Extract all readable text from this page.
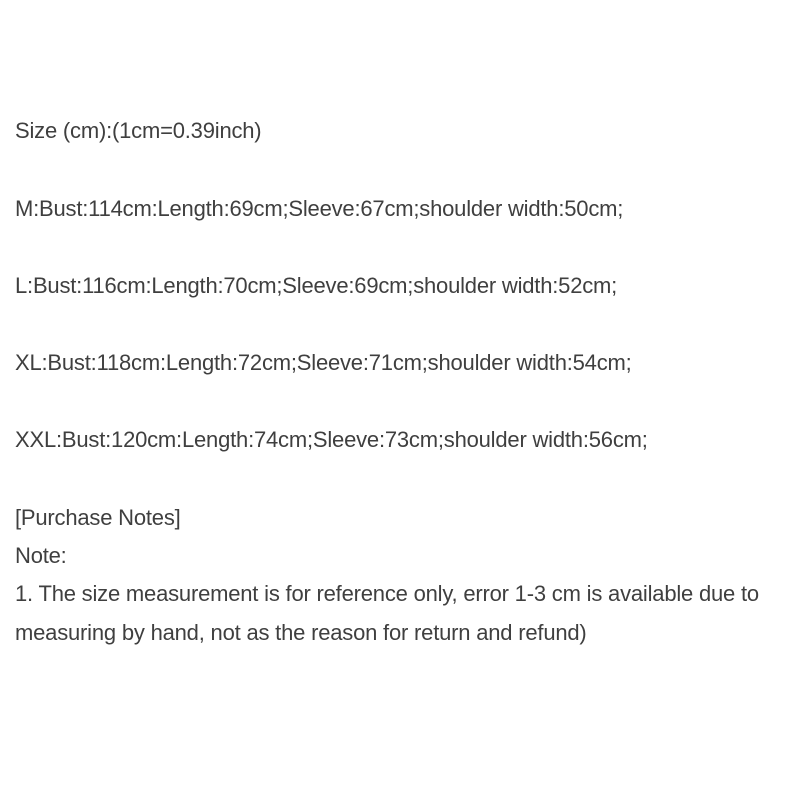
Size (cm):(1cm=0.39inch)
M:Bust:114cm:Length:69cm;Sleeve:67cm;shoulder width:50cm;
L:Bust:116cm:Length:70cm;Sleeve:69cm;shoulder width:52cm;
XL:Bust:118cm:Length:72cm;Sleeve:71cm;shoulder width:54cm;
XXL:Bust:120cm:Length:74cm;Sleeve:73cm;shoulder width:56cm;
[Purchase Notes]
Note:
1. The size measurement is for reference only, error 1-3 cm is available due to measuring by hand, not as the reason for return and refund)
